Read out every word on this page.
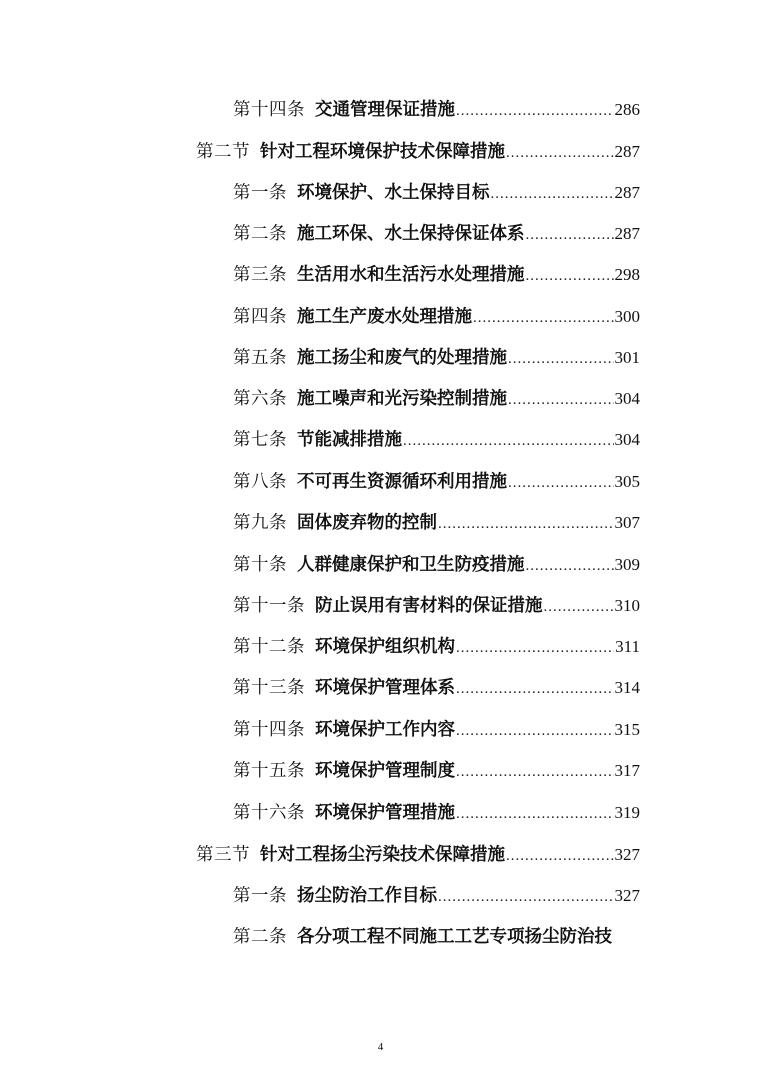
第十四条 交通管理保证措施 .....	286
第二节 针对工程环境保护技术保障措施 .....	287
第一条 环境保护、水土保持目标 .....	287
第二条 施工环保、水土保持保证体系 .....	287
第三条 生活用水和生活污水处理措施 .....	298
第四条 施工生产废水处理措施 .....	300
第五条 施工扬尘和废气的处理措施 .....	301
第六条 施工噪声和光污染控制措施 .....	304
第七条 节能减排措施 .....	304
第八条 不可再生资源循环利用措施 .....	305
第九条 固体废弃物的控制 .....	307
第十条 人群健康保护和卫生防疫措施 .....	309
第十一条 防止误用有害材料的保证措施 .....	310
第十二条 环境保护组织机构 .....	311
第十三条 环境保护管理体系 .....	314
第十四条 环境保护工作内容 .....	315
第十五条 环境保护管理制度 .....	317
第十六条 环境保护管理措施 .....	319
第三节 针对工程扬尘污染技术保障措施 .....	327
第一条 扬尘防治工作目标 .....	327
第二条 各分项工程不同施工工艺专项扬尘防治技
4
